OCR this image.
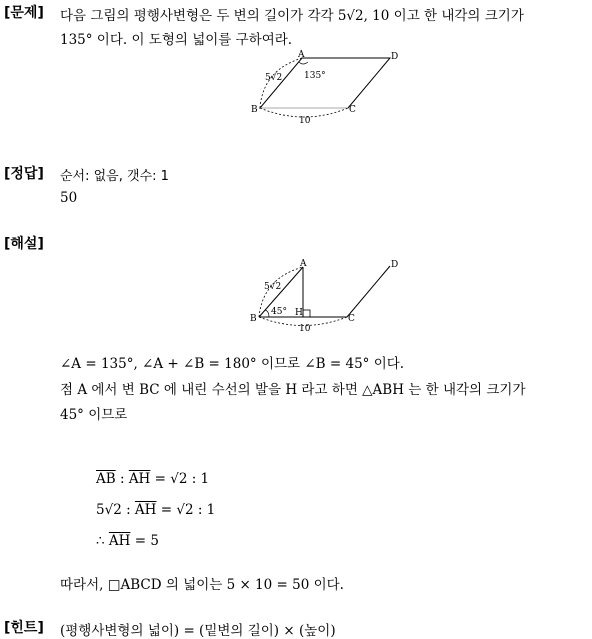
[문제] 다음 그림의 평행사변형은 두 변의 길이가 각각 5√2, 10 이고 한 내각의 크기가
135° 이다. 이 도형의 넓이를 구하여라.
A	D
B	C
5√2 135°
10
[정답] 순서: 없음, 갯수: 1
50
[해설]
A	D
B	C
H
5√2
45°
10
∠A = 135°, ∠A + ∠B = 180° 이므로 ∠B = 45° 이다.
점 A 에서 변 BC 에 내린 수선의 발을 H 라고 하면 △ABH 는 한 내각의 크기가
45° 이므로
$\overline{AB}$ : $\overline{AH} = √2$ : 1
5√2 : $\overline{AH} = √2$ : 1
∴ $\overline{AH} = 5$
따라서, □ABCD 의 넓이는 5 × 10 = 50 이다.
[힌트] (평행사변형의 넓이) = (밑변의 길이) × (높이)
